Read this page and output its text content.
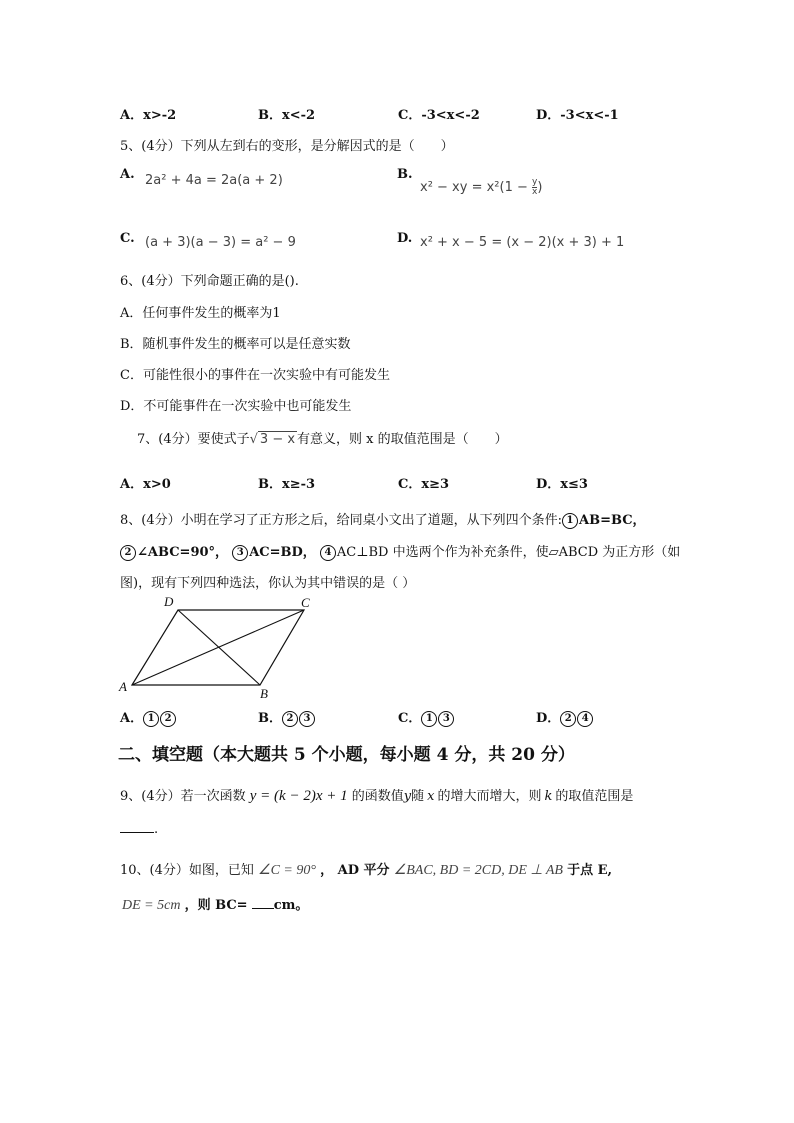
A．x>-2	B．x<-2	C．-3<x<-2	D．-3<x<-1
5、(4分）下列从左到右的变形，是分解因式的是（　　）
A. 2a² + 4a = 2a(a + 2)	B.
x² − xy = $x^2(1 - \frac{y}{x}$ )
C. (a + 3)(a − 3) = a² − 9	D. x² + x − 5 = (x − 2)(x + 3) + 1
6、(4分）下列命题正确的是().
A．任何事件发生的概率为1
B．随机事件发生的概率可以是任意实数
C．可能性很小的事件在一次实验中有可能发生
D．不可能事件在一次实验中也可能发生
7、(4分）要使式子√ 3 − x 有意义，则 x 的取值范围是（　　）
A．x>0	B．x≥-3	C．x≥3	D．x≤3
8、(4分）小明在学习了正方形之后，给同桌小文出了道题，从下列四个条件: 1 AB=BC，
2 ∠ABC=90°， 3 AC=BD， 4 AC⊥BD 中选两个作为补充条件，使▱ABCD 为正方形（如
图)，现有下列四种选法，你认为其中错误的是（ ）
D	C
A	B
A． 1 2	B． 2 3	C． 1 3	D． 2 4
二、填空题（本大题共 5 个小题，每小题 4 分，共 20 分）
9、(4分）若一次函数 y = (k − 2)x + 1 的函数值y随 x 的增大而增大，则 k 的取值范围是
.
10、(4分）如图，已知 ∠C = 90° ， AD 平分 ∠BAC, BD = 2CD, DE ⊥ AB 于点 E,
DE = 5cm ，则 BC= cm。
